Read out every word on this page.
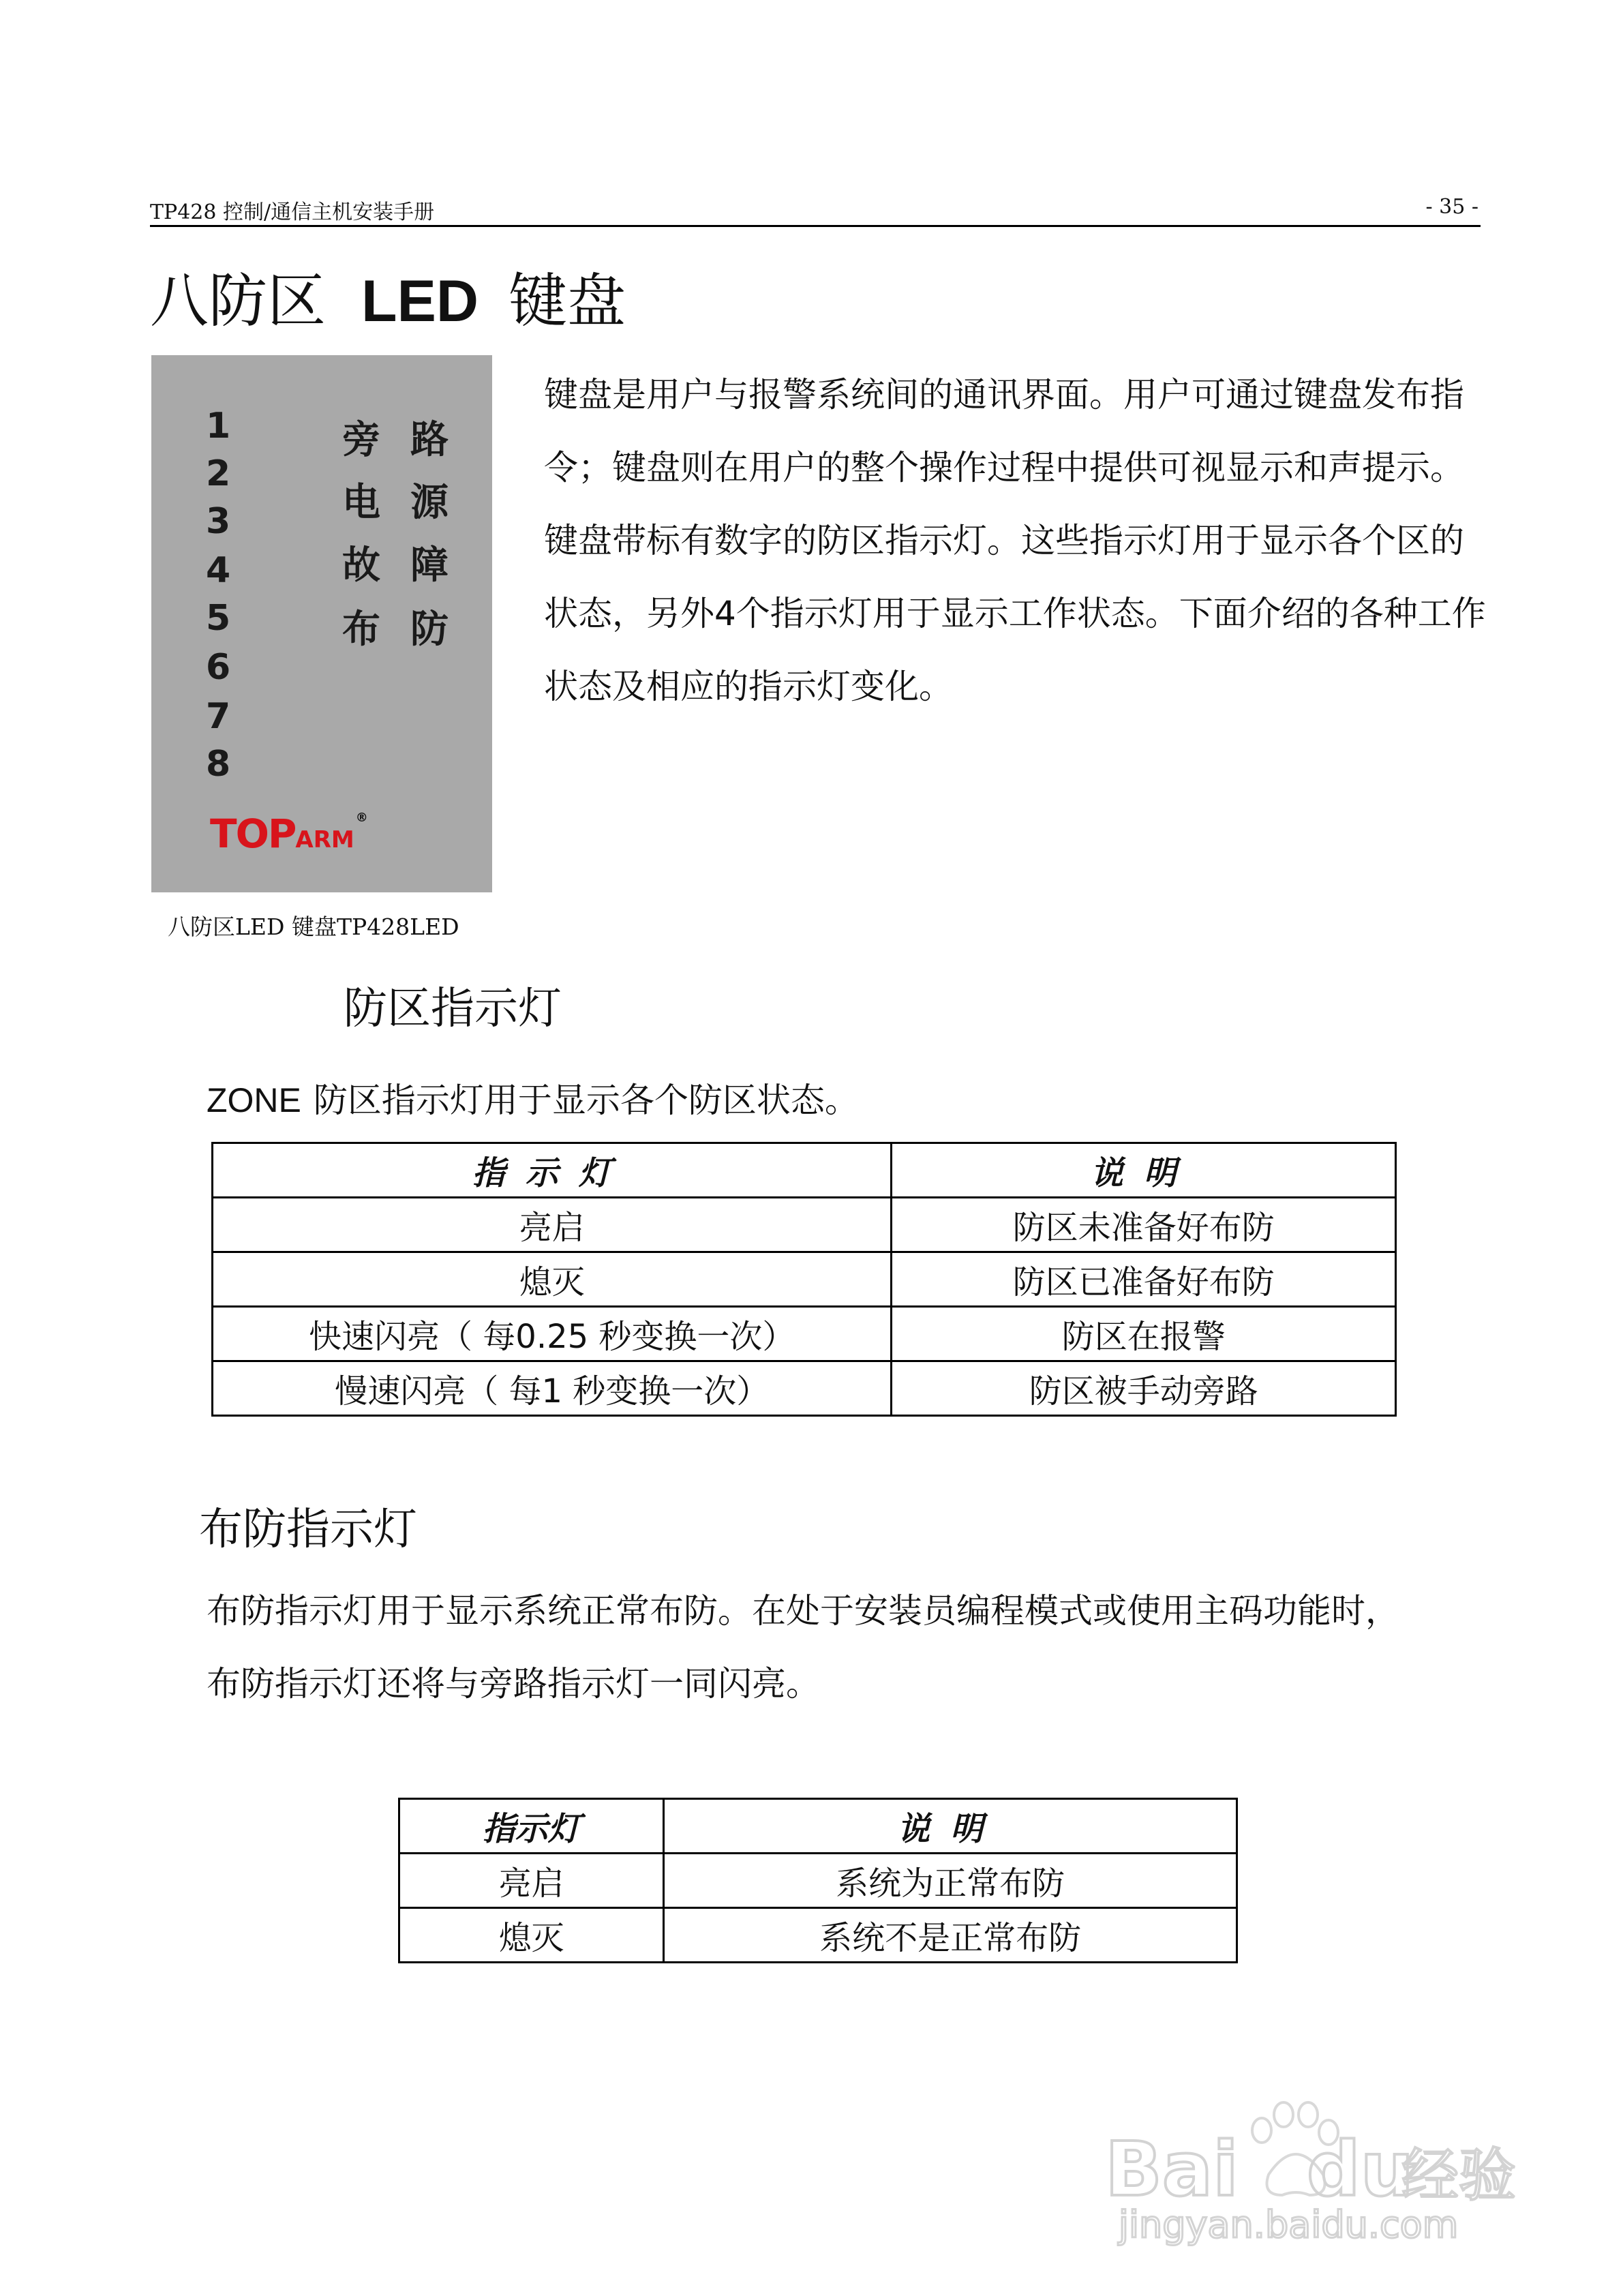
TP428 控制/通信主机安装手册	- 35 -
八防区 LED 键盘
1
2
3
4
5
6
7
8
旁路
电源
故障
布防
TOPARM®
八防区LED 键盘TP428LED

键盘是用户与报警系统间的通讯界面。用户可通过键盘发布指令；键盘则在用户的整个操作过程中提供可视显示和声提示。

键盘带标有数字的防区指示灯。这些指示灯用于显示各个区的状态，另外4个指示灯用于显示工作状态。下面介绍的各种工作状态及相应的指示灯变化。

防区指示灯
ZONE 防区指示灯用于显示各个防区状态。
指示灯	说明
亮启	防区未准备好布防
熄灭	防区已准备好布防
快速闪亮（ 每0.25 秒变换一次）	防区在报警
慢速闪亮（ 每1 秒变换一次）	防区被手动旁路
布防指示灯

布防指示灯用于显示系统正常布防。在处于安装员编程模式或使用主码功能时，

布防指示灯还将与旁路指示灯一同闪亮。

指示灯	说明
亮启	系统为正常布防
熄灭	系统不是正常布防
Bai du
经验
jingyan.baidu.com
